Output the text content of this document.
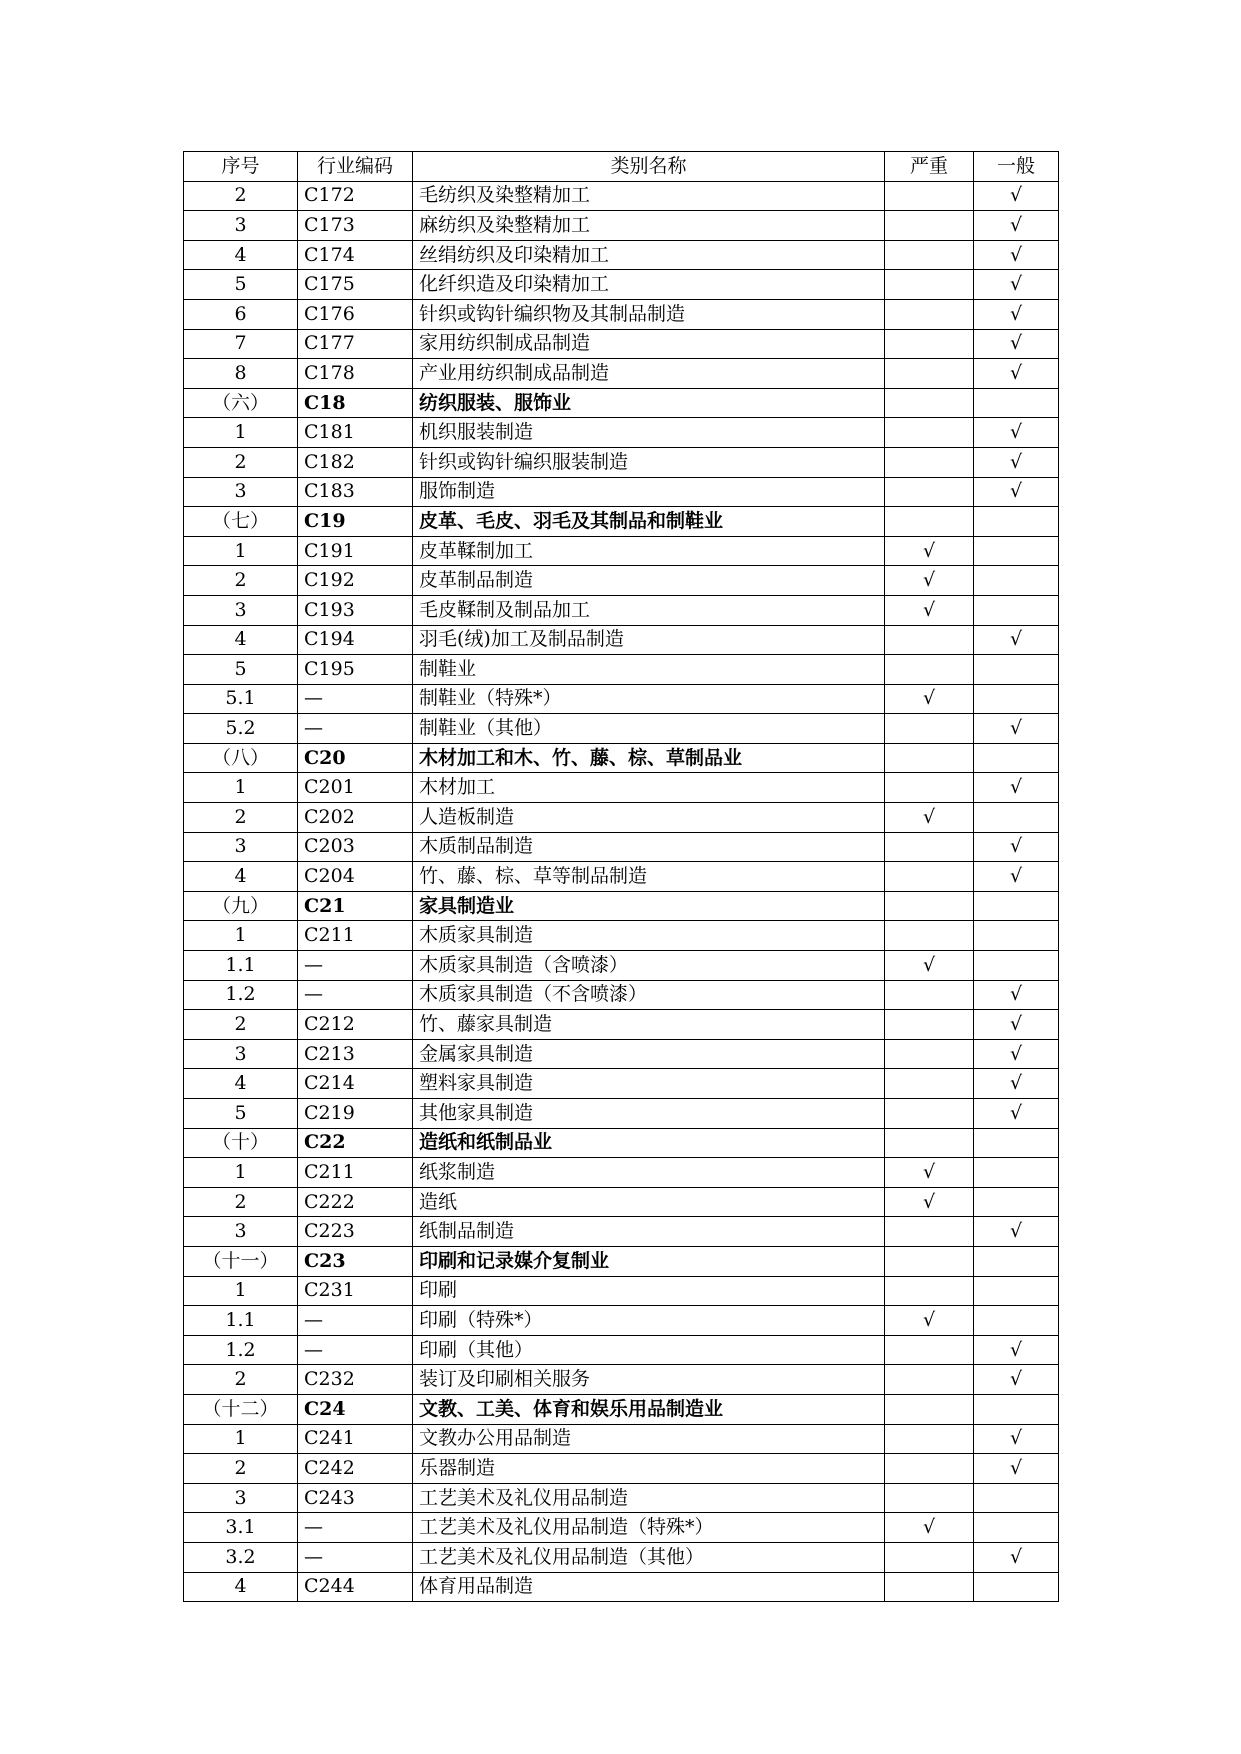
序号	行业编码	类别名称	严重	一般
2	C172	毛纺织及染整精加工		√
3	C173	麻纺织及染整精加工		√
4	C174	丝绢纺织及印染精加工		√
5	C175	化纤织造及印染精加工		√
6	C176	针织或钩针编织物及其制品制造		√
7	C177	家用纺织制成品制造		√
8	C178	产业用纺织制成品制造		√
（六）	C18	纺织服装、服饰业		
1	C181	机织服装制造		√
2	C182	针织或钩针编织服装制造		√
3	C183	服饰制造		√
（七）	C19	皮革、毛皮、羽毛及其制品和制鞋业		
1	C191	皮革鞣制加工	√	
2	C192	皮革制品制造	√	
3	C193	毛皮鞣制及制品加工	√	
4	C194	羽毛(绒)加工及制品制造		√
5	C195	制鞋业		
5.1	—	制鞋业（特殊*）	√	
5.2	—	制鞋业（其他）		√
（八）	C20	木材加工和木、竹、藤、棕、草制品业		
1	C201	木材加工		√
2	C202	人造板制造	√	
3	C203	木质制品制造		√
4	C204	竹、藤、棕、草等制品制造		√
（九）	C21	家具制造业		
1	C211	木质家具制造		
1.1	—	木质家具制造（含喷漆）	√	
1.2	—	木质家具制造（不含喷漆）		√
2	C212	竹、藤家具制造		√
3	C213	金属家具制造		√
4	C214	塑料家具制造		√
5	C219	其他家具制造		√
（十）	C22	造纸和纸制品业		
1	C211	纸浆制造	√	
2	C222	造纸	√	
3	C223	纸制品制造		√
（十一）	C23	印刷和记录媒介复制业		
1	C231	印刷		
1.1	—	印刷（特殊*）	√	
1.2	—	印刷（其他）		√
2	C232	装订及印刷相关服务		√
（十二）	C24	文教、工美、体育和娱乐用品制造业		
1	C241	文教办公用品制造		√
2	C242	乐器制造		√
3	C243	工艺美术及礼仪用品制造		
3.1	—	工艺美术及礼仪用品制造（特殊*）	√	
3.2	—	工艺美术及礼仪用品制造（其他）		√
4	C244	体育用品制造		
